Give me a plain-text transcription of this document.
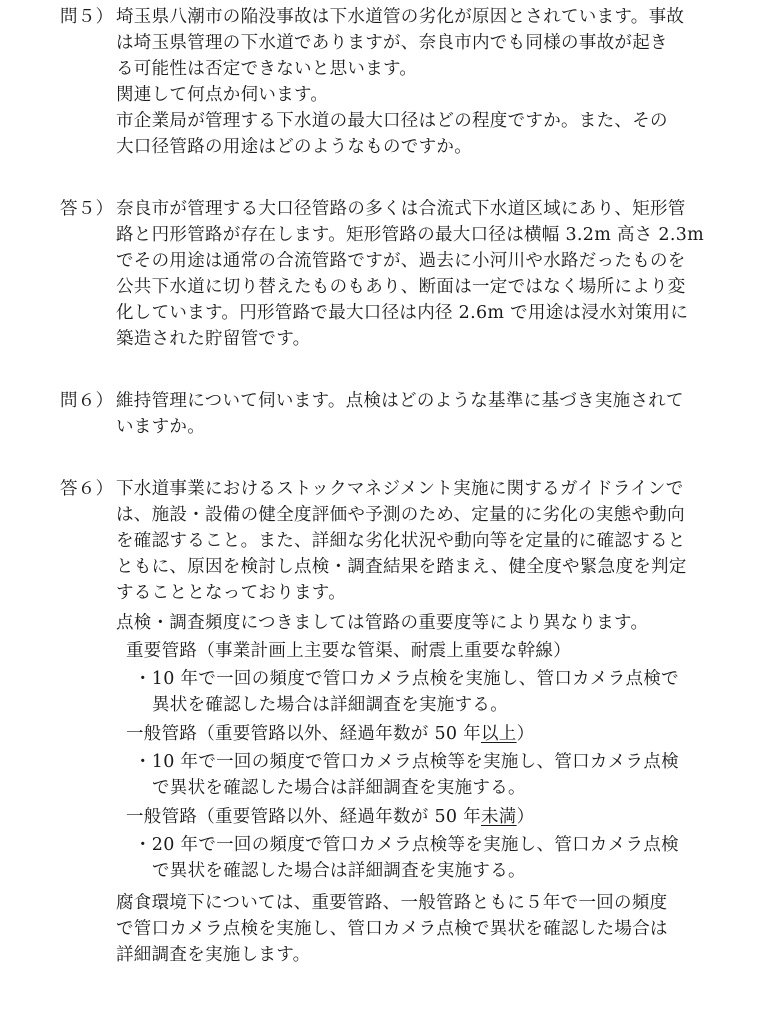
問５） 埼玉県八潮市の陥没事故は下水道管の劣化が原因とされています。事故
は埼玉県管理の下水道でありますが、奈良市内でも同様の事故が起き
る可能性は否定できないと思います。
関連して何点か伺います。
市企業局が管理する下水道の最大口径はどの程度ですか。また、その
大口径管路の用途はどのようなものですか。
答５） 奈良市が管理する大口径管路の多くは合流式下水道区域にあり、矩形管
路と円形管路が存在します。矩形管路の最大口径は横幅 3.2m 高さ 2.3m
でその用途は通常の合流管路ですが、過去に小河川や水路だったものを
公共下水道に切り替えたものもあり、断面は一定ではなく場所により変
化しています。円形管路で最大口径は内径 2.6m で用途は浸水対策用に
築造された貯留管です。
問６） 維持管理について伺います。点検はどのような基準に基づき実施されて
いますか。
答６） 下水道事業におけるストックマネジメント実施に関するガイドラインで
は、施設・設備の健全度評価や予測のため、定量的に劣化の実態や動向
を確認すること。また、詳細な劣化状況や動向等を定量的に確認すると
ともに、原因を検討し点検・調査結果を踏まえ、健全度や緊急度を判定
することとなっております。
点検・調査頻度につきましては管路の重要度等により異なります。
重要管路（事業計画上主要な管渠、耐震上重要な幹線）
・10 年で一回の頻度で管口カメラ点検を実施し、管口カメラ点検で
異状を確認した場合は詳細調査を実施する。
一般管路（重要管路以外、経過年数が 50 年以上）
・10 年で一回の頻度で管口カメラ点検等を実施し、管口カメラ点検
で異状を確認した場合は詳細調査を実施する。
一般管路（重要管路以外、経過年数が 50 年未満）
・20 年で一回の頻度で管口カメラ点検等を実施し、管口カメラ点検
で異状を確認した場合は詳細調査を実施する。
腐食環境下については、重要管路、一般管路ともに５年で一回の頻度
で管口カメラ点検を実施し、管口カメラ点検で異状を確認した場合は
詳細調査を実施します。
